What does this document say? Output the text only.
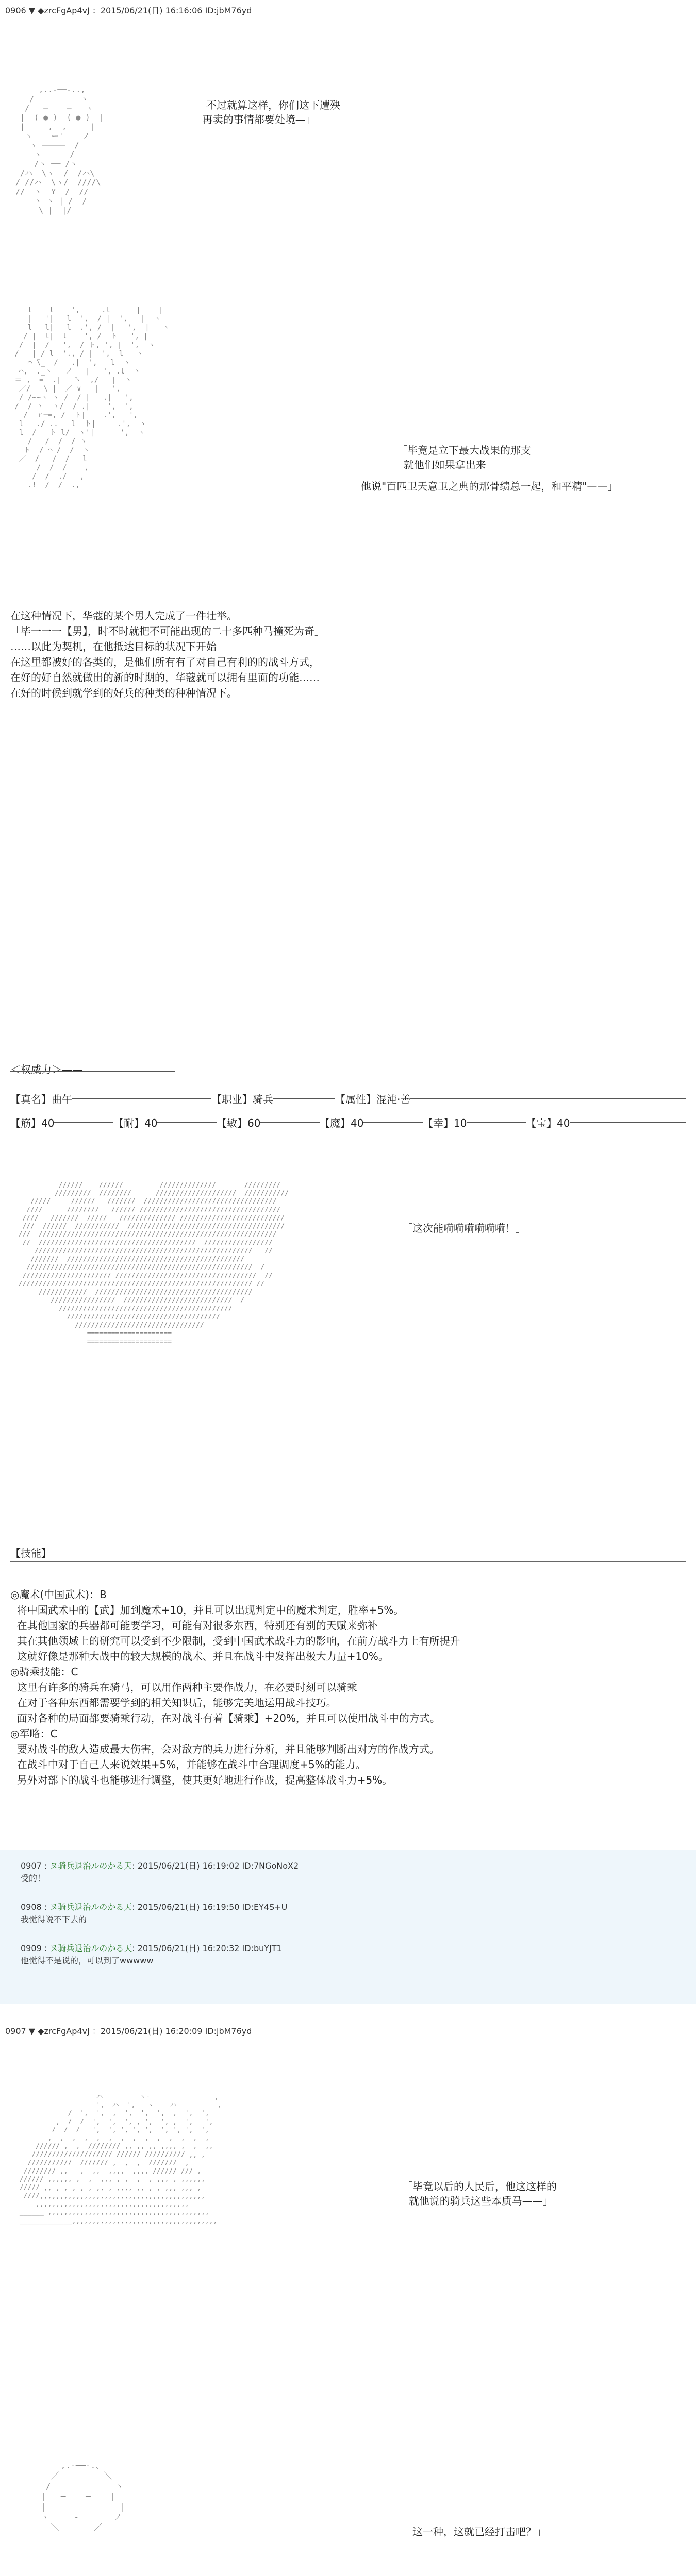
0906 ▼ ◆zrcFgAp4vJ ：2015/06/21(日) 16:16:06 ID:jbM76yd
,..-──-..,
/          ヽ
/   ─    ─   ヽ
|  ( ● )  ( ● )  |
|     ,  ,     |
ヽ    ー'    ノ
ヽ ─────  /
ヽ      /
_ /ヽ ── /ヽ_
/ハ  \ヽ  /  /ハ\
/ //ハ  \ヽ/  ////\
//  ヽ  Y  /  //
ヽ ヽ | /  /
\ |  |/
「不过就算这样，你们这下遭殃
再卖的事情都要处境—」
l    l    ',     .l      |    |
|   '|   l  ',  / |  ',   |  ヽ
l   l|   l  .', /  |   ',  |   ヽ
/ |  l|  l    ', /  ト   ', |
/  |  /   ',  / ト, ', |  ',  ヽ
/   | / l  '., / |  ',  l   ヽ
⌒ ̄\_  /   .|  ',   l  ヽ
⌒,  ._ヽ   ノ   |   ', .l  ヽ
＝ ,  =  .|   ̄ヽ  ,/   |  ヽ
／/   \ |  ／ ∨   |   ',
/ /~~ヽ ヽ /  / |   .|   ',
/  / ヽ  ヽ/  / .|    ',  ',
/  ｒ─=, /  ト|    .',   ',
l   ./ ..  _l  ト|     .',  ヽ
l  /   ト l/  ヽ'|      ',  ヽ
/   /  /  / ヽ
ト  / ⌒ /  /  ヽ
／  /   /  /   l
/  /  /    ,
/  /  ./   ,
.!  /  /  .,
「毕竟是立下最大战果的那支
就他们如果拿出来
他说"百匹卫天意卫之典的那骨绩总一起，和平精"——」
在这种情况下，华蔻的某个男人完成了一件壮举。
「毕一一一【男】，时不时就把不可能出现的二十多匹种马撞死为奇」
……以此为契机，在他抵达目标的状况下开始
在这里都被好的各类的，是他们所有有了对自己有利的的战斗方式，
在好的好自然就做出的新的时期的，华蔻就可以拥有里面的功能……
在好的时候到就学到的好兵的种类的种种情况下。
＜权威力＞——
【真名】曲午	【职业】骑兵	【属性】混沌·善
【筋】40	【耐】40	【敏】60	【魔】40	【幸】10	【宝】40
//////    //////         //////////////       /////////
/////////  ////////      ////////////////////  ///////////
/////     //////   ///////  /////////////////////////////////
////      ////////   ////// ///////////////////////////////////
////   ///////  /////   ////////////// //////////////////////////
///  //////  ///////////  ///////////////////////////////////////
///  ///////////////////////////////////////////////////////////
//  ///////////////////////////////////////  /////////////////
//////////////////////////////////////////////////////   //
///////  ////////////////////////////////////////////
////////////////////////////////////////////////////////  /
////////////////////// ///////////////////////////////////  //
////////////////////////////////////////////////////////// //
////////////  ///////////////////////////////////////
////////////////  ///////////////////////////  /
///////////////////////////////////////////
//////////////////////////////////////
////////////////////////////////
=====================
=====================
「这次能嗬嗬嗬嗬嗬嗬！」
【技能】

◎魔术(中国武术)：B
将中国武术中的【武】加到魔术+10，并且可以出现判定中的魔术判定，胜率+5%。
在其他国家的兵器都可能要学习，可能有对很多东西，特别还有别的天赋来弥补
其在其他领域上的研究可以受到不少限制，受到中国武术战斗力的影响，在前方战斗力上有所提升
这就好像是那种大战中的较大规模的战术、并且在战斗中发挥出极大力量+10%。
◎骑乘技能：C
这里有许多的骑兵在骑马，可以用作两种主要作战力，在必要时刻可以骑乘
在对于各种东西都需要学到的相关知识后，能够完美地运用战斗技巧。
面对各种的局面都要骑乘行动，在对战斗有着【骑乘】+20%，并且可以使用战斗中的方式。
◎军略：C
要对战斗的敌人造成最大伤害，会对敌方的兵力进行分析，并且能够判断出对方的作战方式。
在战斗中对于自己人来说效果+5%，并能够在战斗中合理调度+5%的能力。
另外对部下的战斗也能够进行调整，使其更好地进行作战，提高整体战斗力+5%。

0907 : ヌ骑兵退治ルのかる天: 2015/06/21(日) 16:19:02 ID:7NGoNoX2
受的！
0908 : ヌ骑兵退治ルのかる天: 2015/06/21(日) 16:19:50 ID:EY4S+U
我觉得说不下去的
0909 : ヌ骑兵退治ルのかる天: 2015/06/21(日) 16:20:32 ID:buYJT1
他觉得不是说的，可以到了wwwww
0907 ▼ ◆zrcFgAp4vJ ：2015/06/21(日) 16:20:09 ID:jbM76yd
ハ         ヽ-                ,
',  ハ  ',   ヽ    ハ          ,
/  ',  ',  ,  ',  ',  ',  ,  ',  ',
,  /  /  ',  ',  ', , ',  ', ,  ',   ',
/  /  /   ',  ', ', ', ',  ', ', ',  ',
,  ,  ,  ,  ,  ,  ,  ,  ,  ,  ,  ,  ,  ,
////// ,  ,  //////// ,, ,, ,, ,,,, ,  ,  ,,
//////////////////// ////// ////////// ,, ,
///////////  /////// ,  ,  ,  ///////  ,
//////// ,,   ,  ,,  ,,,,  ,,,, ////// /// ,
////// ,,,,,, ,  ,  ,,, , ,  ,  , ,,, , ,,,,,,
///// ,, , , , , , ,, , ,,,, ,, , , ,,, ,,, ,
////,,,,,,,,,,,,,,,,,,,,,,,,,,,,,,,,,,,,,,,,,
,,,,,,,,,,,,,,,,,,,,,,,,,,,,,,,,,,,,,,
______ ,,,,,,,,,,,,,,,,,,,,,,,,,,,,,,,,,,,,,,,,
_____________,,,,,,,,,,,,,,,,,,,,,,,,,,,,,,,,,,,,
「毕竟以后的人民后，他这这样的
就他说的骑兵这些本质马——」
,.-──-.、
／         ＼
/             ヽ
|   ━    ━    |
|               |
ヽ     ‐       ノ
＼_______／	「这一种，这就已经打击吧？」
